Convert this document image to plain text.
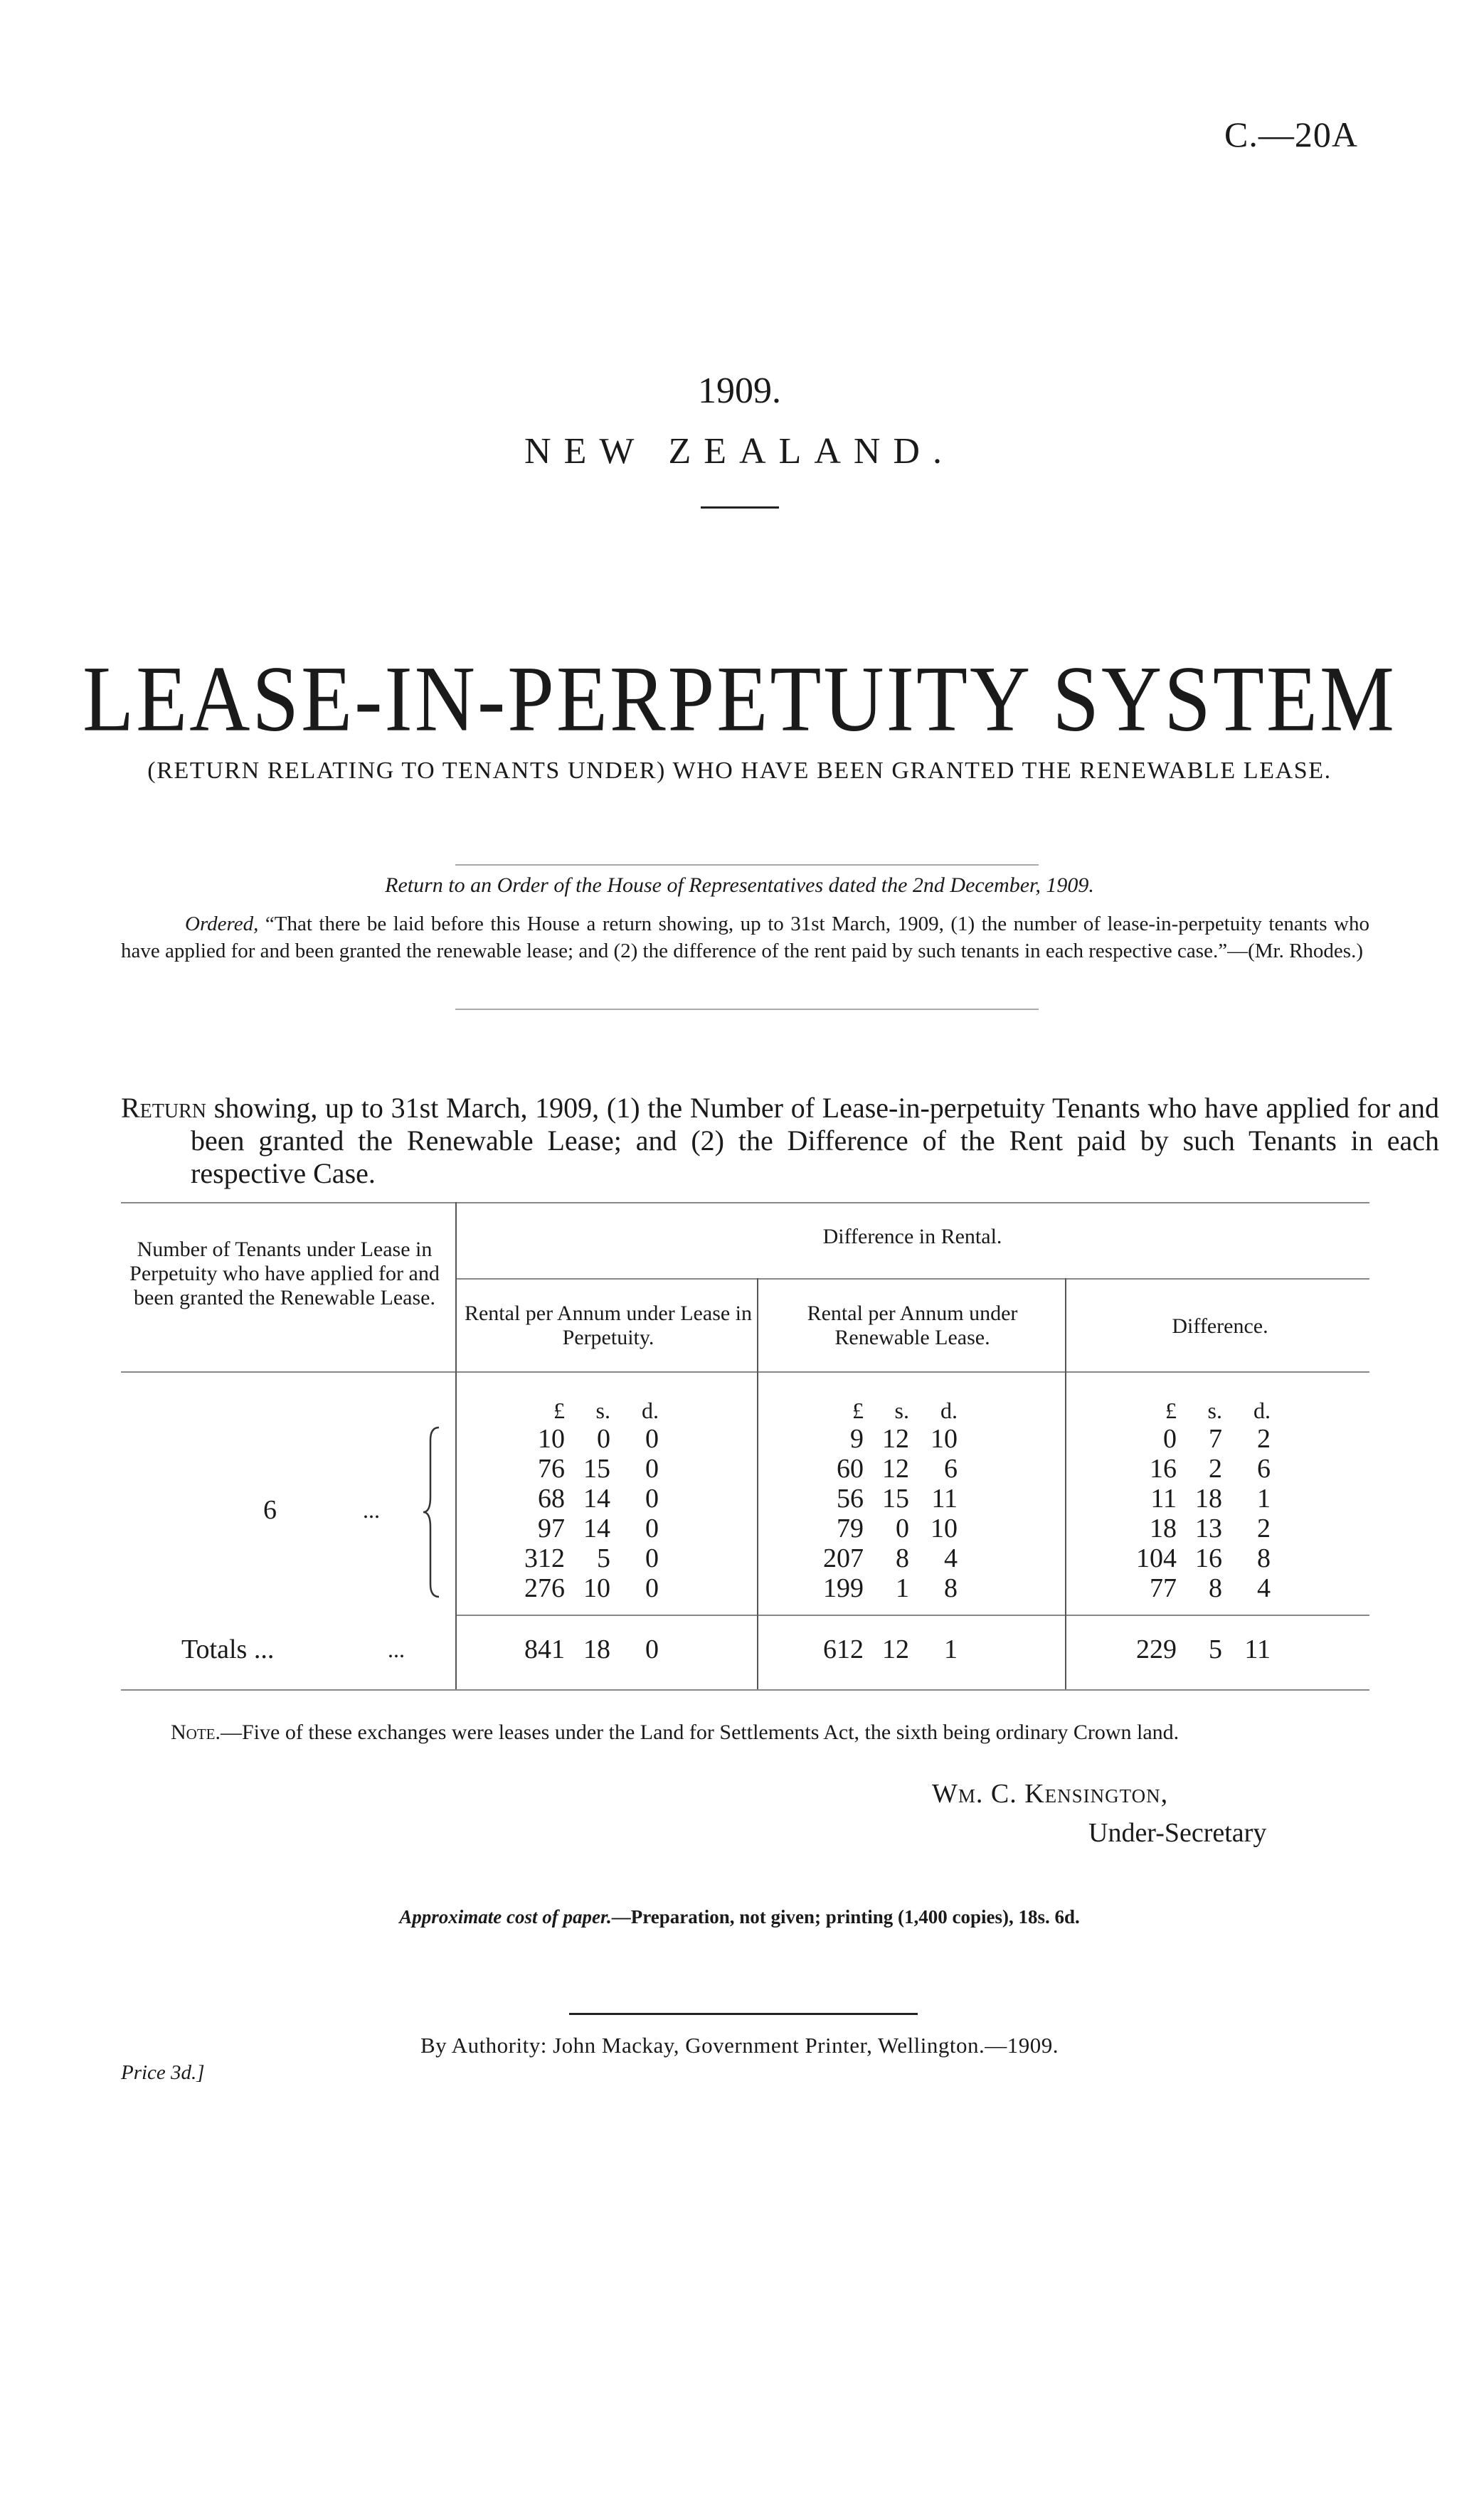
C.—20A
1909.
NEW ZEALAND.
LEASE-IN-PERPETUITY SYSTEM
(RETURN RELATING TO TENANTS UNDER) WHO HAVE BEEN GRANTED THE RENEWABLE LEASE.
Return to an Order of the House of Representatives dated the 2nd December, 1909.
Ordered, “That there be laid before this House a return showing, up to 31st March, 1909, (1) the number of lease-in-perpetuity tenants who have applied for and been granted the renewable lease; and (2) the difference of the rent paid by such tenants in each respective case.”—(Mr. Rhodes.)
Return showing, up to 31st March, 1909, (1) the Number of Lease-in-perpetuity Tenants who have applied for and been granted the Renewable Lease; and (2) the Difference of the Rent paid by such Tenants in each respective Case.
Number of Tenants under Lease in Perpetuity who have applied for and been granted the Renewable Lease.
Difference in Rental.
Rental per Annum under Lease in Perpetuity.
Rental per Annum under Renewable Lease.	Difference.
£ s. d.	£ s. d.	£ s. d.
6	...
10 0 0	9 12 10	0 7 2
76 15 0	60 12 6	16 2 6
68 14 0	56 15 11	11 18 1
97 14 0	79 0 10	18 13 2
312 5 0	207 8 4	104 16 8
276 10 0	199 1 8	77 8 4
Totals ...	...	841 18 0	612 12 1	229 5 11
Note.—Five of these exchanges were leases under the Land for Settlements Act, the sixth being ordinary Crown land.
Wm. C. Kensington,
Under-Secretary
Approximate cost of paper.—Preparation, not given; printing (1,400 copies), 18s. 6d.
By Authority: John Mackay, Government Printer, Wellington.—1909.
Price 3d.]
